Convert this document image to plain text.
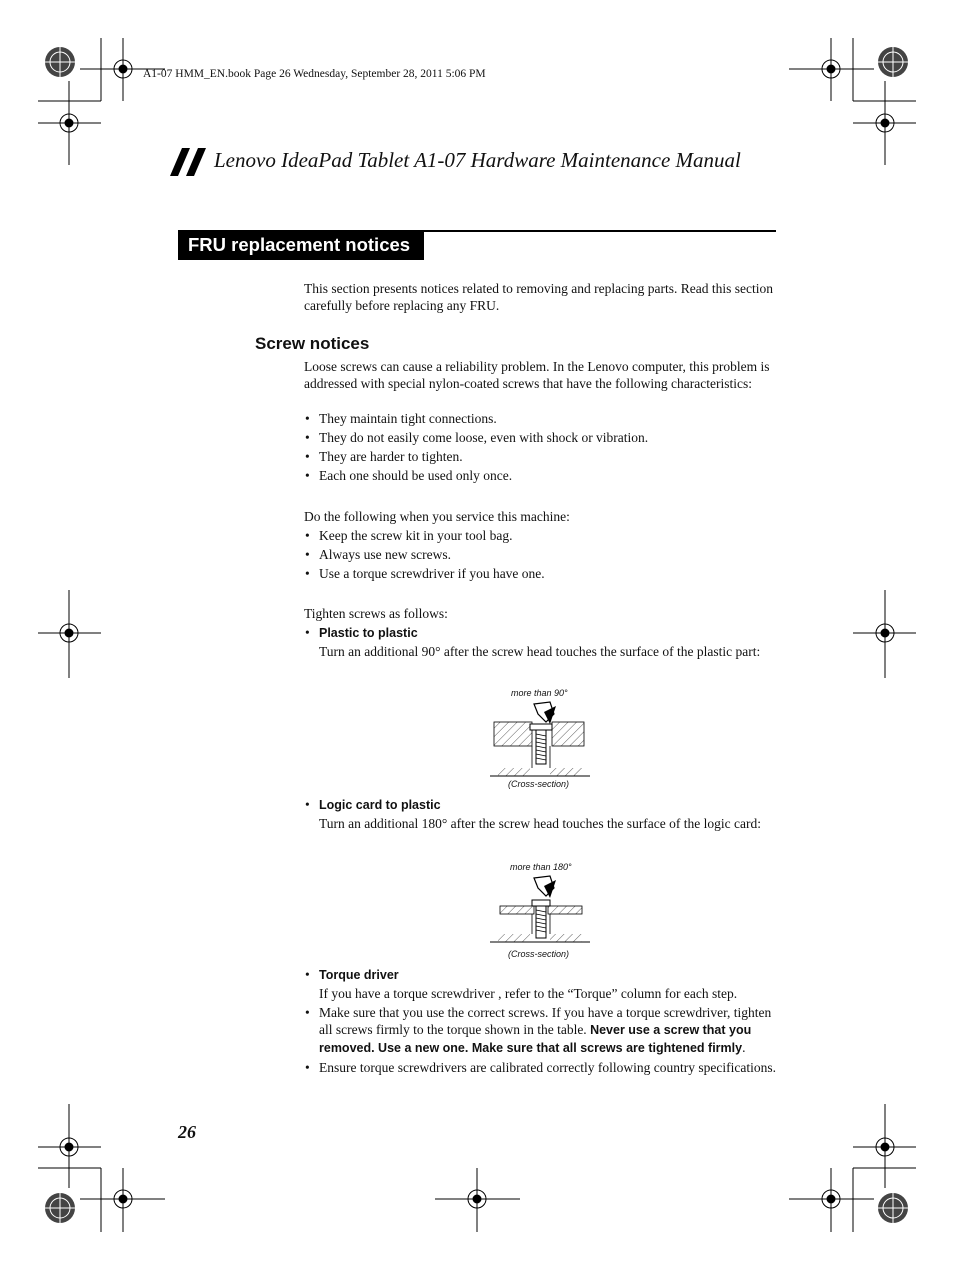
A1-07 HMM_EN.book Page 26 Wednesday, September 28, 2011 5:06 PM
Lenovo IdeaPad Tablet A1-07 Hardware Maintenance Manual
FRU replacement notices
This section presents notices related to removing and replacing parts. Read this section carefully before replacing any FRU.
Screw notices
Loose screws can cause a reliability problem. In the Lenovo computer, this problem is addressed with special nylon-coated screws that have the following characteristics:
• They maintain tight connections.
• They do not easily come loose, even with shock or vibration.
• They are harder to tighten.
• Each one should be used only once.
Do the following when you service this machine:
• Keep the screw kit in your tool bag.
• Always use new screws.
• Use a torque screwdriver if you have one.
Tighten screws as follows:
• Plastic to plastic
Turn an additional 90° after the screw head touches the surface of the plastic part:
more than 90°
(Cross-section)
• Logic card to plastic
Turn an additional 180° after the screw head touches the surface of the logic card:
more than 180°
(Cross-section)
• Torque driver
If you have a torque screwdriver , refer to the “Torque” column for each step.
• Make sure that you use the correct screws. If you have a torque screwdriver, tighten all screws firmly to the torque shown in the table. Never use a screw that you removed. Use a new one. Make sure that all screws are tightened firmly.
• Ensure torque screwdrivers are calibrated correctly following country specifications.
26
